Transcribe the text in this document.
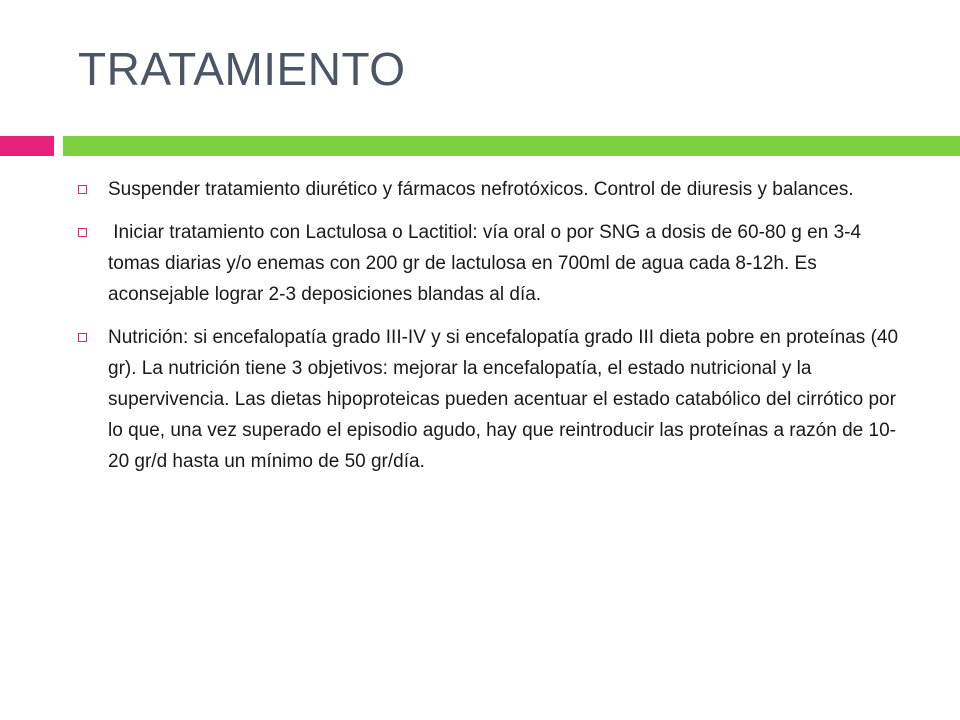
TRATAMIENTO
Suspender tratamiento diurético y fármacos nefrotóxicos. Control de diuresis y balances.
Iniciar tratamiento con Lactulosa o Lactitiol: vía oral o por SNG a dosis de 60-80 g en 3-4 tomas diarias y/o enemas con 200 gr de lactulosa en 700ml de agua cada 8-12h. Es aconsejable lograr 2-3 deposiciones blandas al día.
Nutrición: si encefalopatía grado III-IV y si encefalopatía grado III dieta pobre en proteínas (40 gr). La nutrición tiene 3 objetivos: mejorar la encefalopatía, el estado nutricional y la supervivencia. Las dietas hipoproteicas pueden acentuar el estado catabólico del cirrótico por lo que, una vez superado el episodio agudo, hay que reintroducir las proteínas a razón de 10-20 gr/d hasta un mínimo de 50 gr/día.
